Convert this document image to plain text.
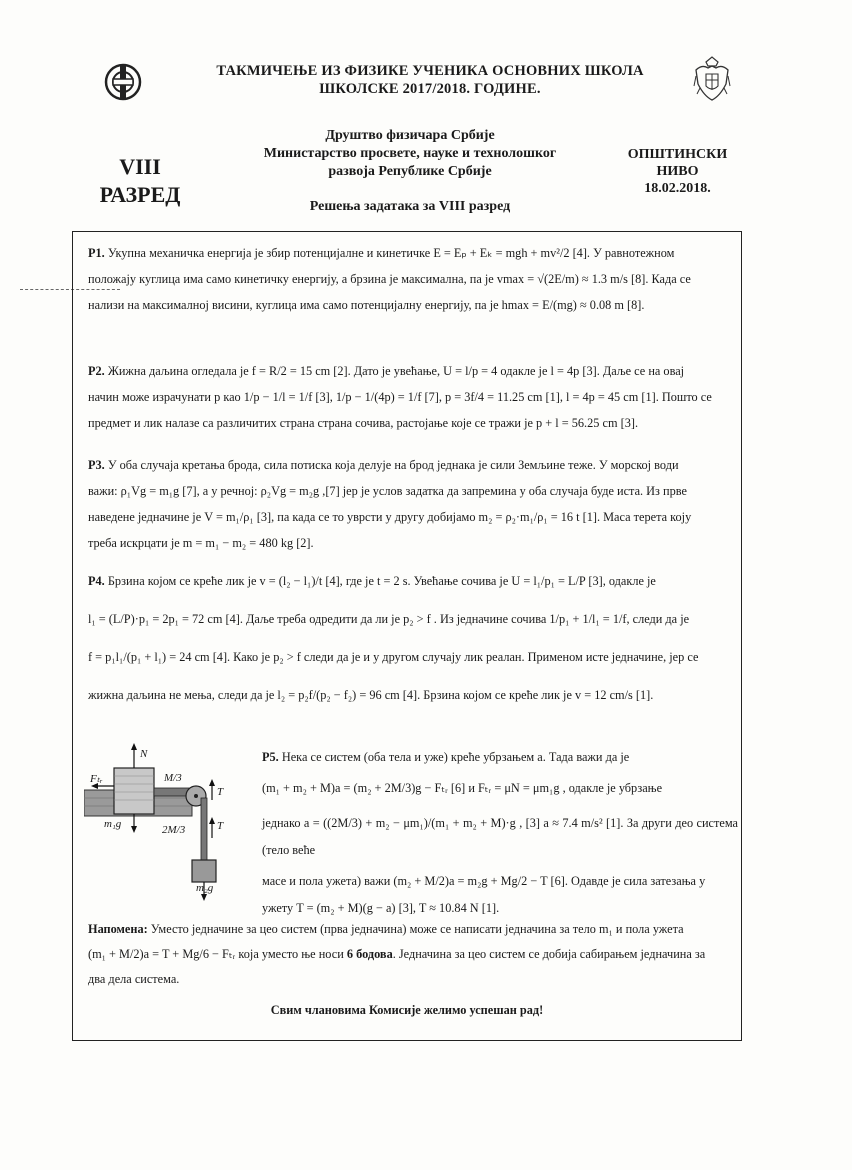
ТАКМИЧЕЊЕ ИЗ ФИЗИКЕ УЧЕНИКА ОСНОВНИХ ШКОЛА
ШКОЛСКЕ 2017/2018. ГОДИНЕ.
VIII
РАЗРЕД
Друштво физичара Србије
Министарство просвете, науке и технолошког
развоја Републике Србије
Решења задатака за VIII разред
ОПШТИНСКИ
НИВО
18.02.2018.
Р1. Укупна механичка енергија је збир потенцијалне и кинетичке E = Eₚ + Eₖ = mgh + mv²/2 [4]. У равнотежном
положају куглица има само кинетичку енергију, а брзина је максимална, па је vmax = √(2E/m) ≈ 1.3 m/s [8]. Када се
нализи на максималној висини, куглица има само потенцијалну енергију, па је hmax = E/(mg) ≈ 0.08 m [8].
Р2. Жижна даљина огледала је f = R/2 = 15 cm [2]. Дато је увећање, U = l/p = 4 одакле је l = 4p [3]. Даље се на овај
начин може израчунати p као 1/p − 1/l = 1/f [3], 1/p − 1/(4p) = 1/f [7], p = 3f/4 = 11.25 cm [1], l = 4p = 45 cm [1]. Пошто се
предмет и лик налазе са различитих страна страна сочива, растојање које се тражи је p + l = 56.25 cm [3].
Р3. У оба случаја кретања брода, сила потиска која делује на брод једнака је сили Земљине теже. У морској води
важи: ρ₁Vg = m₁g [7], а у речној: ρ₂Vg = m₂g ,[7] јер је услов задатка да запремина у оба случаја буде иста. Из прве
наведене једначине је V = m₁/ρ₁ [3], па када се то уврсти у другу добијамо m₂ = ρ₂·m₁/ρ₁ = 16 t [1]. Маса терета коју
треба искрцати је m = m₁ − m₂ = 480 kg [2].
Р4. Брзина којом се креће лик је v = (l₂ − l₁)/t [4], где је t = 2 s. Увећање сочива је U = l₁/p₁ = L/P [3], одакле је
l₁ = (L/P)·p₁ = 2p₁ = 72 cm [4]. Даље треба одредити да ли је p₂ > f . Из једначине сочива 1/p₁ + 1/l₁ = 1/f, следи да је
f = p₁l₁/(p₁ + l₁) = 24 cm [4]. Како је p₂ > f следи да је и у другом случају лик реалан. Применом исте једначине, јер се
жижна даљина не мења, следи да је l₂ = p₂f/(p₂ − f₂) = 96 cm [4]. Брзина којом се креће лик је v = 12 cm/s [1].
N
Fₜᵣ	M/3
T
m₁g	2M/3	T
m₂g
Р5. Нека се систем (оба тела и уже) креће убрзањем a. Тада важи да је
(m₁ + m₂ + M)a = (m₂ + 2M/3)g − Fₜᵣ [6] и Fₜᵣ = μN = μm₁g , одакле је убрзање
једнако a = ((2M/3) + m₂ − μm₁)/(m₁ + m₂ + M)·g , [3] a ≈ 7.4 m/s² [1]. За други део система (тело веће
масе и пола ужета) важи (m₂ + M/2)a = m₂g + Mg/2 − T [6]. Одавде је сила затезања у
ужету T = (m₂ + M)(g − a) [3], T ≈ 10.84 N [1].
Напомена: Уместо једначине за цео систем (прва једначина) може се написати једначина за тело m₁ и пола ужета
(m₁ + M/2)a = T + Mg/6 − Fₜᵣ која уместо ње носи 6 бодова. Једначина за цео систем се добија сабирањем једначина за
два дела система.
Свим члановима Комисије желимо успешан рад!
